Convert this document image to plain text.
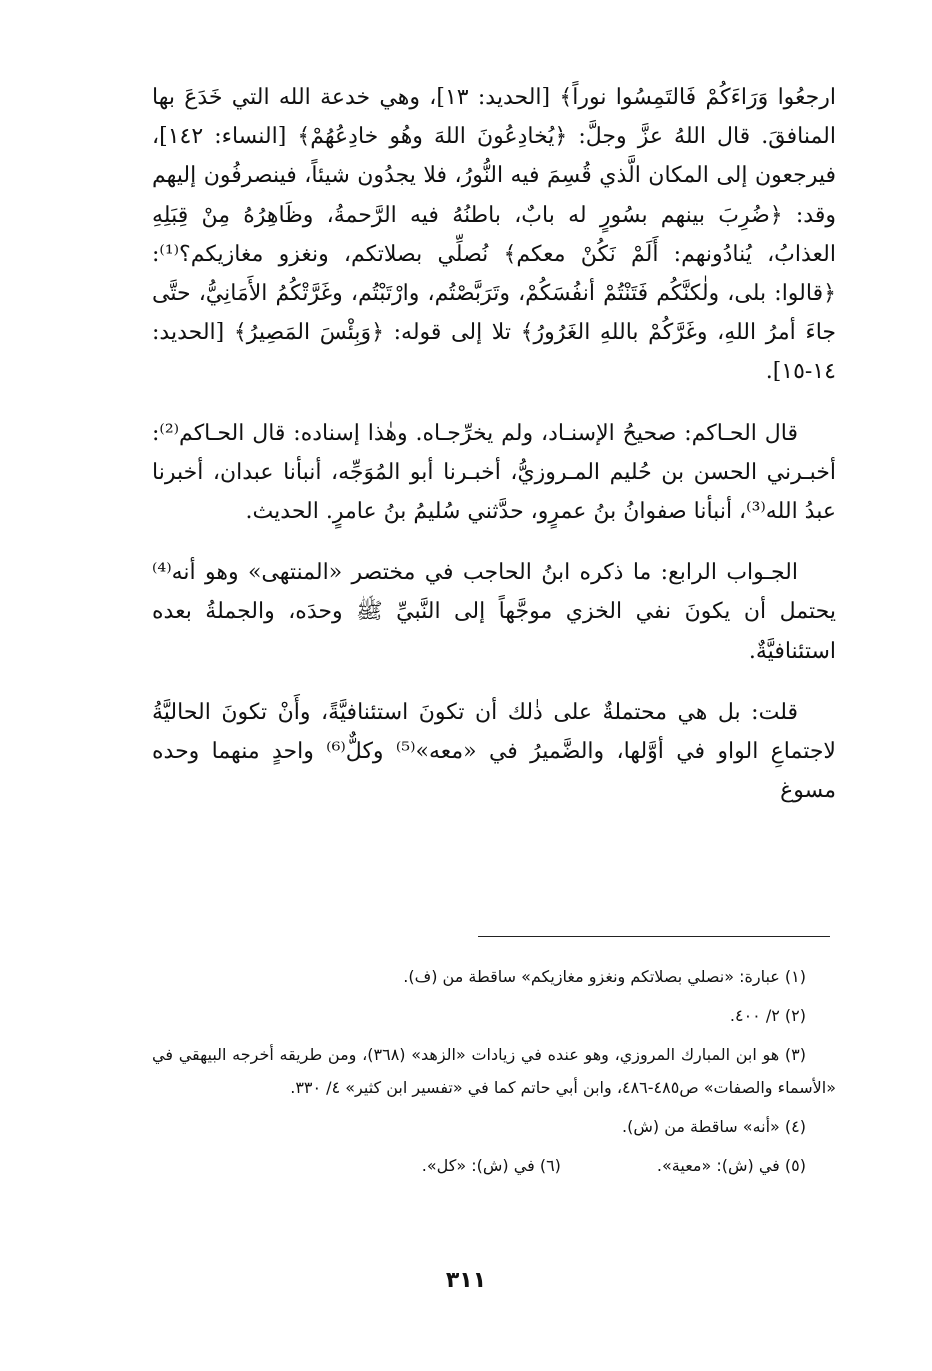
ارجعُوا وَرَاءَكُمْ فَالتَمِسُوا نوراً﴾ [الحديد: ١٣]، وهي خدعة الله التي خَدَعَ بها المنافقَ. قال اللهُ عزَّ وجلَّ: ﴿يُخادِعُونَ اللهَ وهُو خادِعُهُمْ﴾ [النساء: ١٤٢]، فيرجعون إلى المكان الَّذي قُسِمَ فيه النُّورُ، فلا يجدُون شيئاً، فينصرفُون إليهم وقد: ﴿ضُرِبَ بينهم بسُورٍ له بابٌ، باطنُهُ فيه الرَّحمةُ، وظَاهِرُهُ مِنْ قِبَلِهِ العذابُ، يُنادُونهم: أَلَمْ نَكُنْ معكم﴾ نُصلِّي بصلاتكم، ونغزو مغازيكم؟⁽¹⁾: ﴿قالوا: بلى، ولٰكنَّكُم فَتَنْتُمْ أنفُسَكُمْ، وتَرَبَّصْتُم، وارْتَبْتُم، وغَرَّتْكُمُ الأَمَانِيُّ، حتَّى جاءَ أمرُ اللهِ، وغَرَّكُمْ باللهِ الغَرُورُ﴾ تلا إلى قوله: ﴿وَبِئْسَ المَصِيرُ﴾ [الحديد: ١٤-١٥].

قال الحـاكم: صحيحُ الإسنـاد، ولم يخرِّجـاه. وهٰذا إسناده: قال الحـاكم⁽²⁾: أخبـرني الحسن بن حُليم المـروزيُّ، أخبـرنا أبو المُوَجِّه، أنبأنا عبدان، أخبرنا عبدُ الله⁽³⁾، أنبأنا صفوانُ بنُ عمرٍو، حدَّثني سُليمُ بنُ عامرٍ. الحديث.

الجـواب الرابع: ما ذكره ابنُ الحاجب في مختصر «المنتهى» وهو أنه⁽⁴⁾ يحتمل أن يكونَ نفي الخزي موجَّهاً إلى النَّبيِّ ﷺ وحدَه، والجملةُ بعده استئنافيَّةٌ.

قلت: بل هي محتملةٌ على ذٰلك أن تكونَ استئنافيَّةً، وأَنْ تكونَ الحاليَّةُ لاجتماعِ الواو في أوَّلها، والضَّميرُ في «معه»⁽⁵⁾ وكلٌّ⁽⁶⁾ واحدٍ منهما وحده مسوغ

(١) عبارة: «نصلي بصلاتكم ونغزو مغازيكم» ساقطة من (ف).
(٢) ٢/ ٤٠٠.
(٣) هو ابن المبارك المروزي، وهو عنده في زيادات «الزهد» (٣٦٨)، ومن طريقه أخرجه البيهقي في «الأسماء والصفات» ص٤٨٥-٤٨٦، وابن أبي حاتم كما في «تفسير ابن كثير» ٤/ ٣٣٠.
(٤) «أنه» ساقطة من (ش).
(٥) في (ش): «معية».
(٦) في (ش): «كل».
٣١١
